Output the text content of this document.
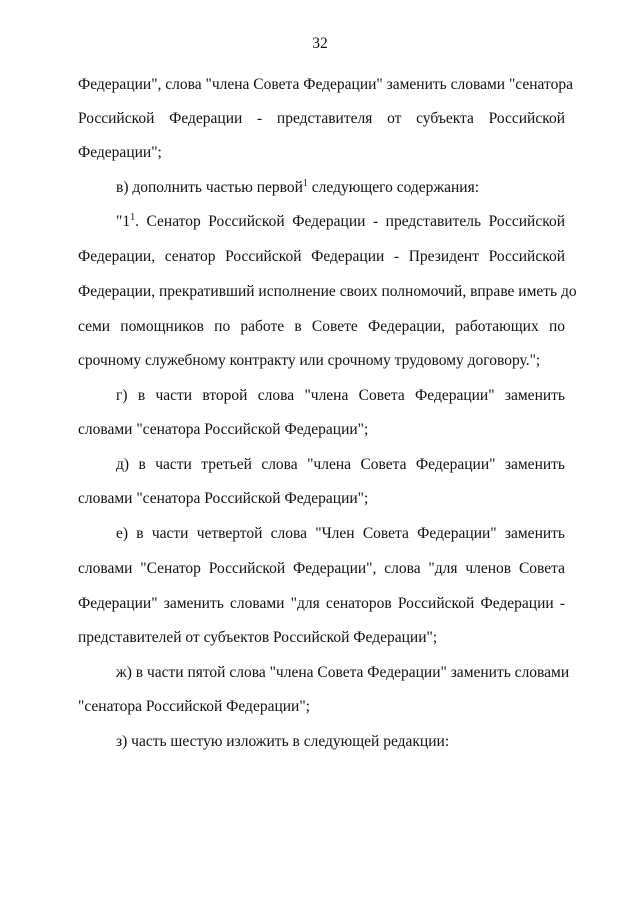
32
Федерации", слова "члена Совета Федерации" заменить словами "сенатора
Российской Федерации - представителя от субъекта Российской
Федерации";
в) дополнить частью первой$^1$ следующего содержания:
"$1^1$. Сенатор Российской Федерации - представитель Российской
Федерации, сенатор Российской Федерации - Президент Российской
Федерации, прекративший исполнение своих полномочий, вправе иметь до
семи помощников по работе в Совете Федерации, работающих по
срочному служебному контракту или срочному трудовому договору.";
г) в части второй слова "члена Совета Федерации" заменить
словами "сенатора Российской Федерации";
д) в части третьей слова "члена Совета Федерации" заменить
словами "сенатора Российской Федерации";
е) в части четвертой слова "Член Совета Федерации" заменить
словами "Сенатор Российской Федерации", слова "для членов Совета
Федерации" заменить словами "для сенаторов Российской Федерации -
представителей от субъектов Российской Федерации";
ж) в части пятой слова "члена Совета Федерации" заменить словами
"сенатора Российской Федерации";
з) часть шестую изложить в следующей редакции:
